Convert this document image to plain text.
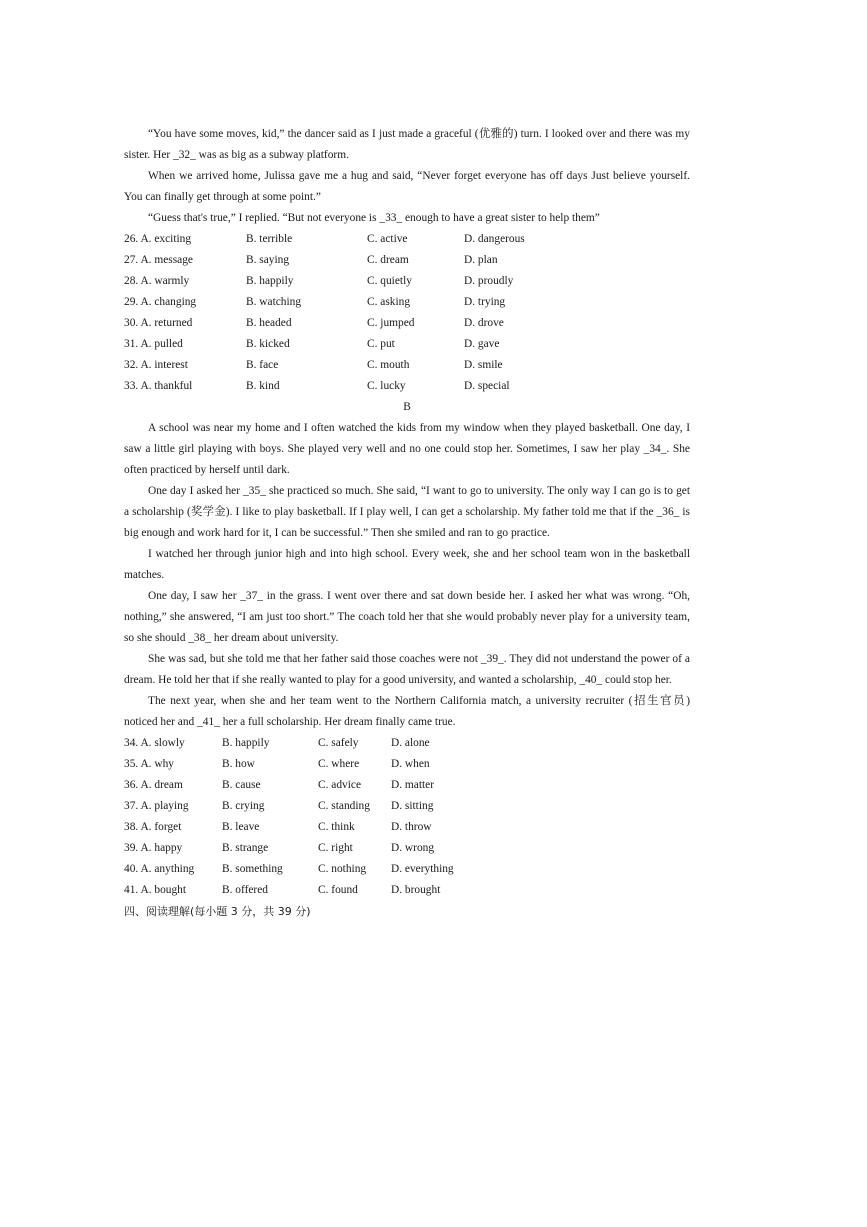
“You have some moves, kid,” the dancer said as I just made a graceful (优雅的) turn. I looked over and there was my sister. Her _32_ was as big as a subway platform.

When we arrived home, Julissa gave me a hug and said, “Never forget everyone has off days Just believe yourself. You can finally get through at some point.”

“Guess that's true,” I replied. “But not everyone is _33_ enough to have a great sister to help them”

26. A. exciting	B. terrible	C. active	D. dangerous
27. A. message	B. saying	C. dream	D. plan
28. A. warmly	B. happily	C. quietly	D. proudly
29. A. changing	B. watching	C. asking	D. trying
30. A. returned	B. headed	C. jumped	D. drove
31. A. pulled	B. kicked	C. put	D. gave
32. A. interest	B. face	C. mouth	D. smile
33. A. thankful	B. kind	C. lucky	D. special
B

A school was near my home and I often watched the kids from my window when they played basketball. One day, I saw a little girl playing with boys. She played very well and no one could stop her. Sometimes, I saw her play _34_. She often practiced by herself until dark.

One day I asked her _35_ she practiced so much. She said, “I want to go to university. The only way I can go is to get a scholarship (奖学金). I like to play basketball. If I play well, I can get a scholarship. My father told me that if the _36_ is big enough and work hard for it, I can be successful.” Then she smiled and ran to go practice.

I watched her through junior high and into high school. Every week, she and her school team won in the basketball matches.

One day, I saw her _37_ in the grass. I went over there and sat down beside her. I asked her what was wrong. “Oh, nothing,” she answered, “I am just too short.” The coach told her that she would probably never play for a university team, so she should _38_ her dream about university.

She was sad, but she told me that her father said those coaches were not _39_. They did not understand the power of a dream. He told her that if she really wanted to play for a good university, and wanted a scholarship, _40_ could stop her.

The next year, when she and her team went to the Northern California match, a university recruiter (招生官员) noticed her and _41_ her a full scholarship. Her dream finally came true.

34. A. slowly	B. happily	C. safely	D. alone
35. A. why	B. how	C. where	D. when
36. A. dream	B. cause	C. advice	D. matter
37. A. playing	B. crying	C. standing	D. sitting
38. A. forget	B. leave	C. think	D. throw
39. A. happy	B. strange	C. right	D. wrong
40. A. anything	B. something	C. nothing	D. everything
41. A. bought	B. offered	C. found	D. brought
四、阅读理解(每小题 3 分，共 39 分)
